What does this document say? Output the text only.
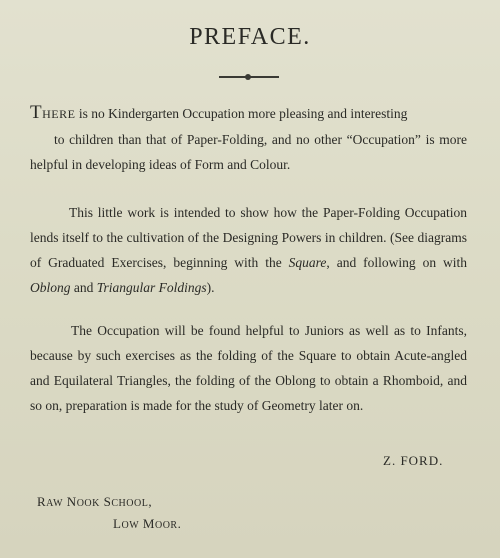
PREFACE.

THERE is no Kindergarten Occupation more pleasing and interesting
to children than that of Paper-Folding, and no other “Occupation” is more helpful in developing ideas of Form and Colour.

This little work is intended to show how the Paper-Folding Occupation lends itself to the cultivation of the Designing Powers in children. (See diagrams of Graduated Exercises, beginning with the Square, and following on with Oblong and Triangular Foldings).

The Occupation will be found helpful to Juniors as well as to Infants, because by such exercises as the folding of the Square to obtain Acute-angled and Equilateral Triangles, the folding of the Oblong to obtain a Rhomboid, and so on, preparation is made for the study of Geometry later on.

Z. FORD.
RAW NOOK SCHOOL,
LOW MOOR.
